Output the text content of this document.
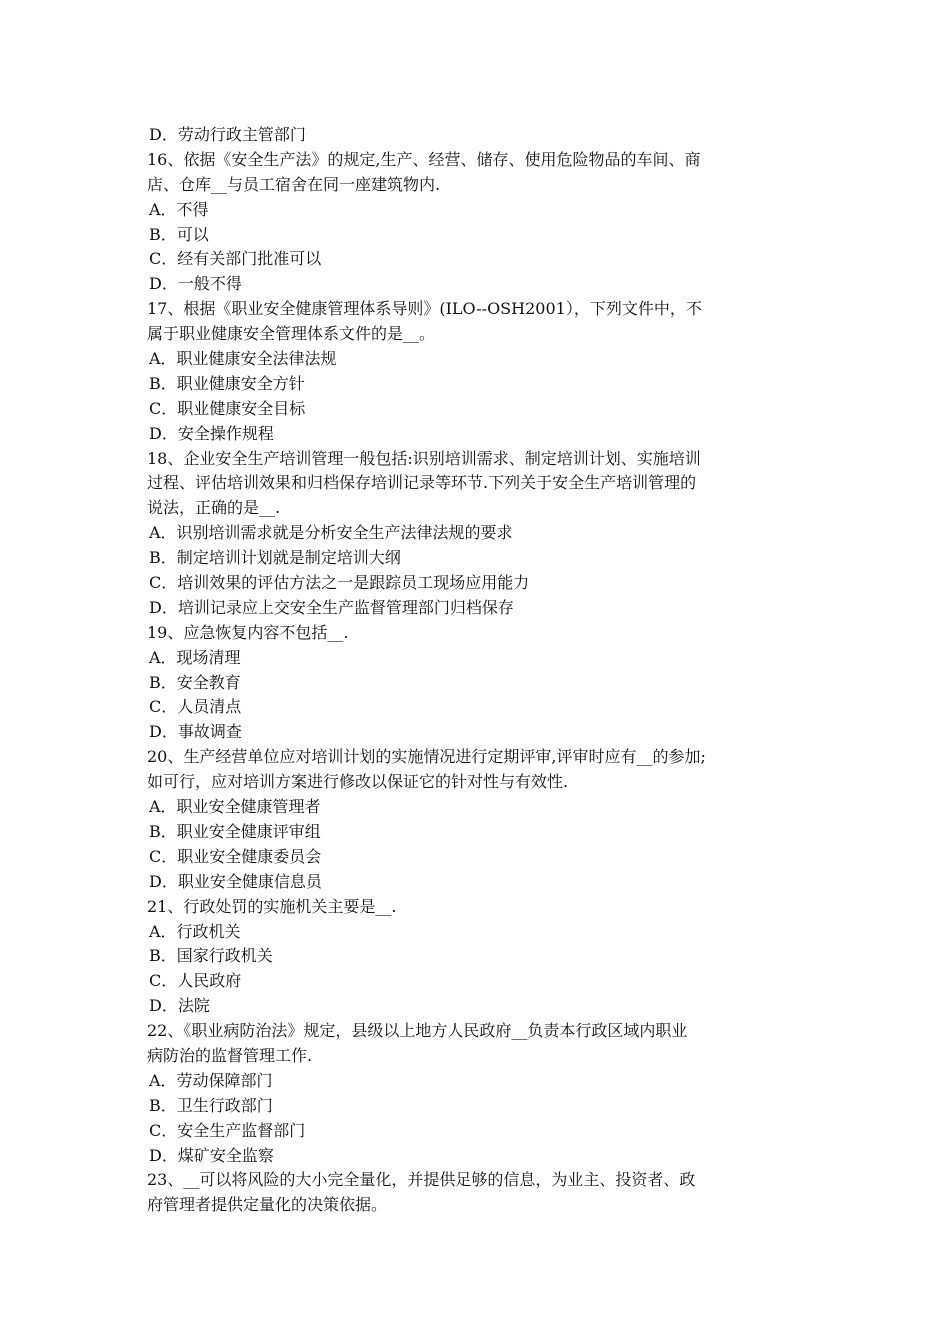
D．劳动行政主管部门

16、依据《安全生产法》的规定,生产、经营、储存、使用危险物品的车间、商

店、仓库__与员工宿舍在同一座建筑物内.

A．不得

B．可以

C．经有关部门批准可以

D．一般不得

17、根据《职业安全健康管理体系导则》(ILO--OSH2001），下列文件中，不

属于职业健康安全管理体系文件的是__。

A．职业健康安全法律法规

B．职业健康安全方针

C．职业健康安全目标

D．安全操作规程

18、企业安全生产培训管理一般包括:识别培训需求、制定培训计划、实施培训

过程、评估培训效果和归档保存培训记录等环节.下列关于安全生产培训管理的

说法，正确的是__.

A．识别培训需求就是分析安全生产法律法规的要求

B．制定培训计划就是制定培训大纲

C．培训效果的评估方法之一是跟踪员工现场应用能力

D．培训记录应上交安全生产监督管理部门归档保存

19、应急恢复内容不包括__.

A．现场清理

B．安全教育

C．人员清点

D．事故调查

20、生产经营单位应对培训计划的实施情况进行定期评审,评审时应有__的参加;

如可行，应对培训方案进行修改以保证它的针对性与有效性.

A．职业安全健康管理者

B．职业安全健康评审组

C．职业安全健康委员会

D．职业安全健康信息员

21、行政处罚的实施机关主要是__.

A．行政机关

B．国家行政机关

C．人民政府

D．法院

22、《职业病防治法》规定，县级以上地方人民政府__负责本行政区域内职业

病防治的监督管理工作.

A．劳动保障部门

B．卫生行政部门

C．安全生产监督部门

D．煤矿安全监察

23、__可以将风险的大小完全量化，并提供足够的信息，为业主、投资者、政

府管理者提供定量化的决策依据。
